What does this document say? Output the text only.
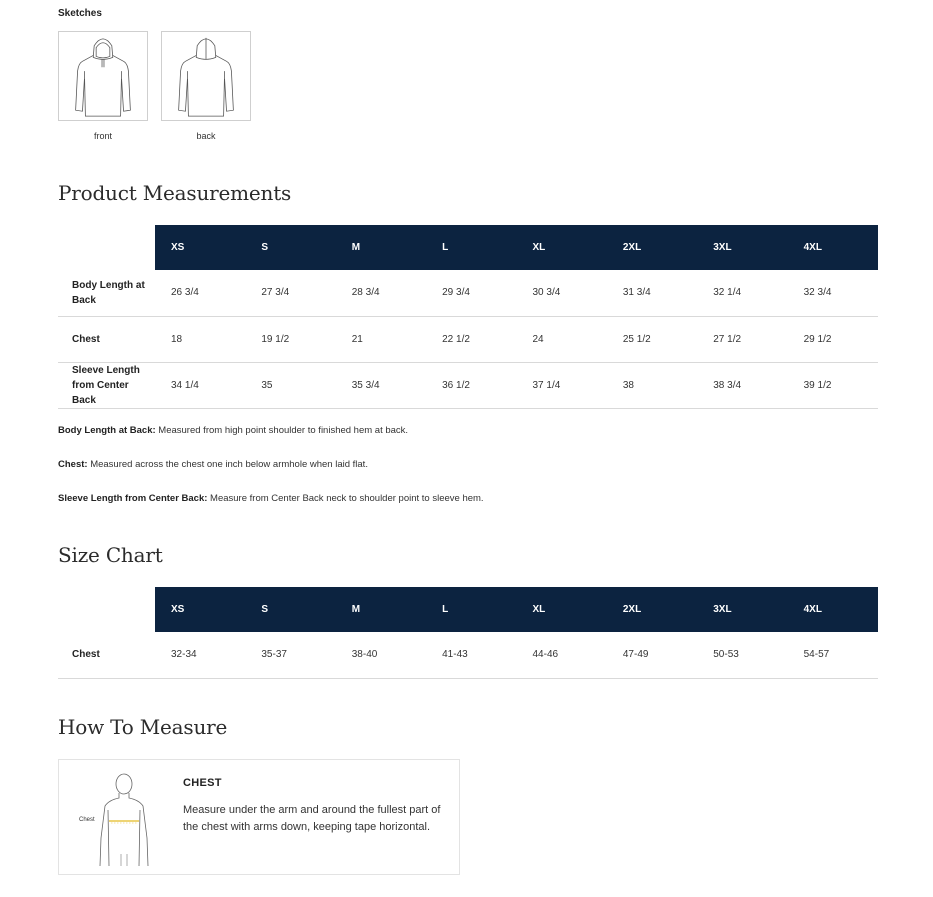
Sketches
front	back
Product Measurements
	XS	S	M	L	XL	2XL	3XL	4XL
Body Length at Back	26 3/4	27 3/4	28 3/4	29 3/4	30 3/4	31 3/4	32 1/4	32 3/4
Chest	18	19 1/2	21	22 1/2	24	25 1/2	27 1/2	29 1/2
Sleeve Length from Center Back	34 1/4	35	35 3/4	36 1/2	37 1/4	38	38 3/4	39 1/2
Body Length at Back: Measured from high point shoulder to finished hem at back.
Chest: Measured across the chest one inch below armhole when laid flat.
Sleeve Length from Center Back: Measure from Center Back neck to shoulder point to sleeve hem.
Size Chart
	XS	S	M	L	XL	2XL	3XL	4XL
Chest	32-34	35-37	38-40	41-43	44-46	47-49	50-53	54-57
How To Measure
Chest
CHEST
Measure under the arm and around the fullest part of the chest with arms down, keeping tape horizontal.
